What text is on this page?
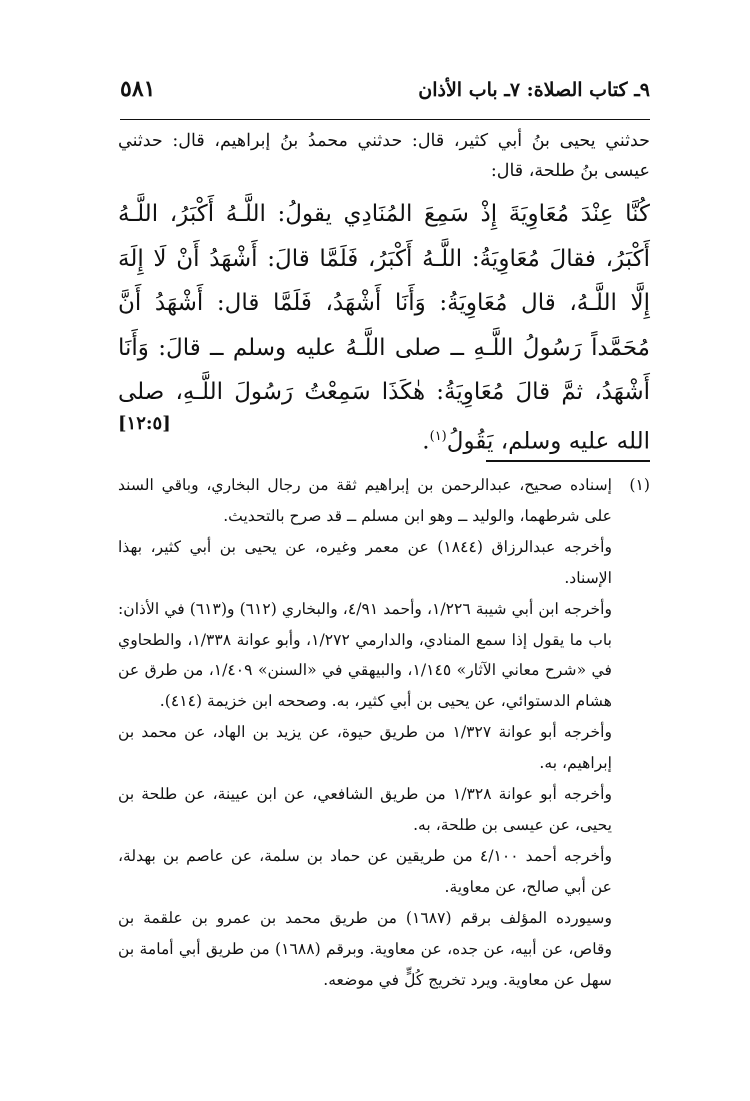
٩ـ كتاب الصلاة: ٧ـ باب الأذان
٥٨١

حدثني يحيى بنُ أبي كثير، قال: حدثني محمدُ بنُ إبراهيم، قال: حدثني عيسى بنُ طلحة، قال:

كُنَّا عِنْدَ مُعَاوِيَةَ إِذْ سَمِعَ المُنَادِي يقولُ: اللَّـهُ أَكْبَرُ، اللَّـهُ أَكْبَرُ، فقالَ مُعَاوِيَةُ: اللَّـهُ أَكْبَرُ، فَلَمَّا قالَ: أَشْهَدُ أَنْ لَا إِلَهَ إِلَّا اللَّـهُ، قال مُعَاوِيَةُ: وَأَنَا أَشْهَدُ، فَلَمَّا قال: أَشْهَدُ أَنَّ مُحَمَّداً رَسُولُ اللَّـهِ ــ صلى اللَّـهُ عليه وسلم ــ قالَ: وَأَنَا أَشْهَدُ، ثمَّ قالَ مُعَاوِيَةُ: هٰكَذَا سَمِعْتُ رَسُولَ اللَّـهِ، صلى الله عليه وسلم، يَقُولُ$^{(١)}$.

[١٢:٥]

(١)
إسناده صحيح، عبدالرحمن بن إبراهيم ثقة من رجال البخاري، وباقي السند على شرطهما، والوليد ــ وهو ابن مسلم ــ قد صرح بالتحديث.

وأخرجه عبدالرزاق (١٨٤٤) عن معمر وغيره، عن يحيى بن أبي كثير، بهذا الإسناد.

وأخرجه ابن أبي شيبة ١/٢٢٦، وأحمد ٤/٩١، والبخاري (٦١٢) و(٦١٣) في الأذان: باب ما يقول إذا سمع المنادي، والدارمي ١/٢٧٢، وأبو عوانة ١/٣٣٨، والطحاوي في «شرح معاني الآثار» ١/١٤٥، والبيهقي في «السنن» ١/٤٠٩، من طرق عن هشام الدستوائي، عن يحيى بن أبي كثير، به. وصححه ابن خزيمة (٤١٤).

وأخرجه أبو عوانة ١/٣٢٧ من طريق حيوة، عن يزيد بن الهاد، عن محمد بن إبراهيم، به.

وأخرجه أبو عوانة ١/٣٢٨ من طريق الشافعي، عن ابن عيينة، عن طلحة بن يحيى، عن عيسى بن طلحة، به.

وأخرجه أحمد ٤/١٠٠ من طريقين عن حماد بن سلمة، عن عاصم بن بهدلة، عن أبي صالح، عن معاوية.

وسيورده المؤلف برقم (١٦٨٧) من طريق محمد بن عمرو بن علقمة بن وقاص، عن أبيه، عن جده، عن معاوية. وبرقم (١٦٨٨) من طريق أبي أمامة بن سهل عن معاوية. ويرد تخريج كُلٍّ في موضعه.
